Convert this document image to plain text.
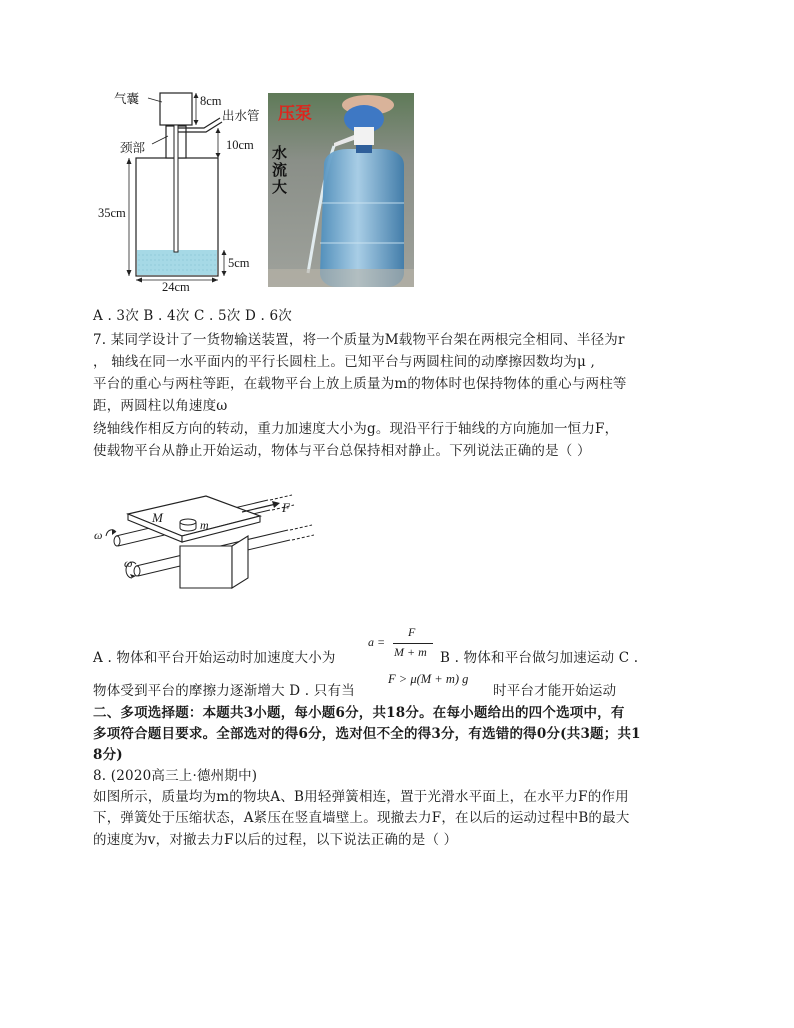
气囊	8cm
出水管
颈部	10cm
35cm
5cm
24cm
压泵
水
流
大
A . 3次 B . 4次 C . 5次 D . 6次
7. 某同学设计了一货物输送装置，将一个质量为M载物平台架在两根完全相同、半径为r
， 轴线在同一水平面内的平行长圆柱上。已知平台与两圆柱间的动摩擦因数均为μ ,
平台的重心与两柱等距，在载物平台上放上质量为m的物体时也保持物体的重心与两柱等
距，两圆柱以角速度ω
绕轴线作相反方向的转动，重力加速度大小为g。现沿平行于轴线的方向施加一恒力F，
使载物平台从静止开始运动，物体与平台总保持相对静止。下列说法正确的是（ ）
M	m
F
ω
ω
A . 物体和平台开始运动时加速度大小为
a =
F
M + m B . 物体和平台做匀加速运动 C .
物体受到平台的摩擦力逐渐增大 D . 只有当
F > μ(M + m) g
时平台才能开始运动
二、多项选择题：本题共3小题，每小题6分，共18分。在每小题给出的四个选项中，有
多项符合题目要求。全部选对的得6分，选对但不全的得3分，有选错的得0分(共3题；共1
8分)
8. (2020高三上·德州期中)
如图所示，质量均为m的物块A、B用轻弹簧相连，置于光滑水平面上，在水平力F的作用
下，弹簧处于压缩状态，A紧压在竖直墙壁上。现撤去力F，在以后的运动过程中B的最大
的速度为v，对撤去力F以后的过程，以下说法正确的是（ ）
